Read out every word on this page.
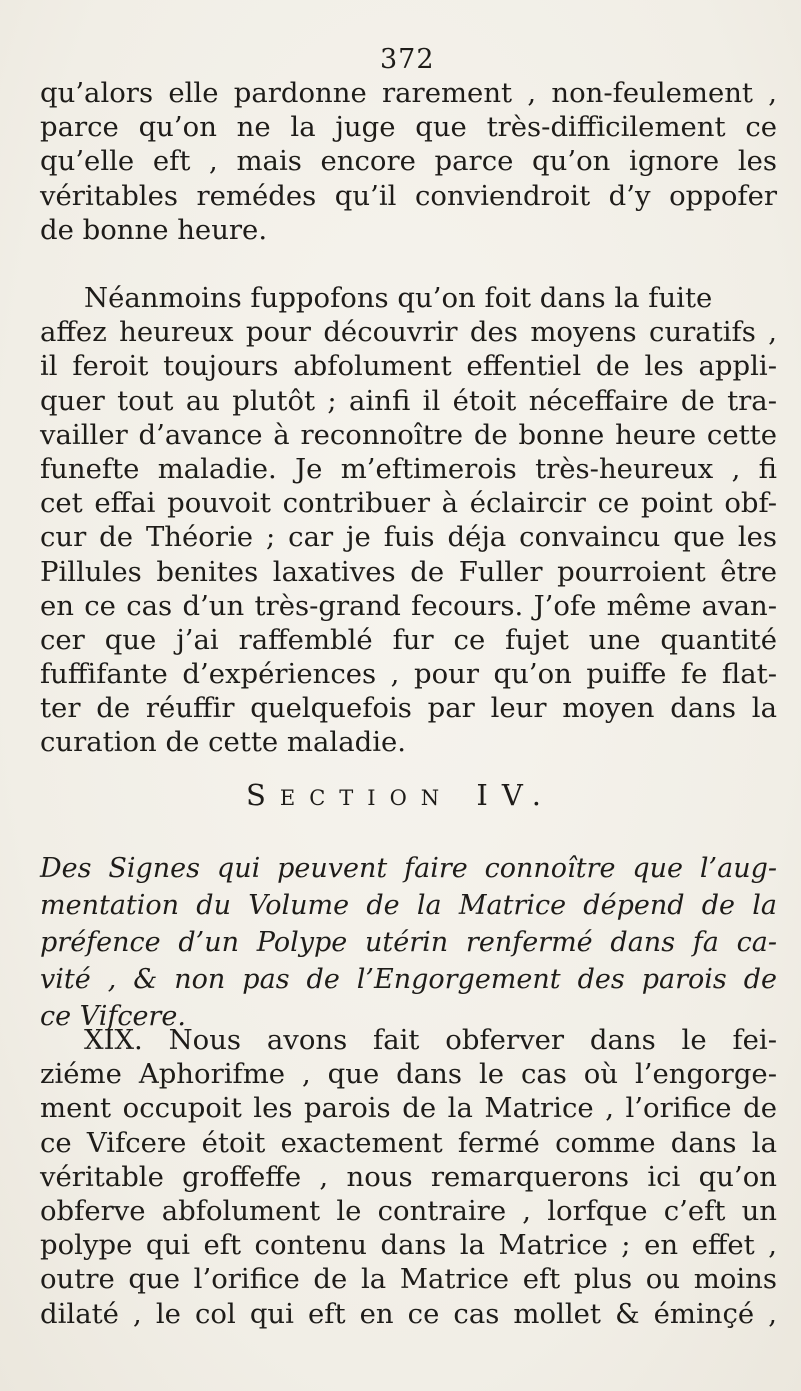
372
qu’alors elle pardonne rarement , non-feulement ,
parce qu’on ne la juge que très-difficilement ce
qu’elle eft , mais encore parce qu’on ignore les
véritables remédes qu’il conviendroit d’y oppofer
de bonne heure.
Néanmoins fuppofons qu’on foit dans la fuite
affez heureux pour découvrir des moyens curatifs ,
il feroit toujours abfolument effentiel de les appli-
quer tout au plutôt ; ainfi il étoit néceffaire de tra-
vailler d’avance à reconnoître de bonne heure cette
funefte maladie. Je m’eftimerois très-heureux , fi
cet effai pouvoit contribuer à éclaircir ce point obf-
cur de Théorie ; car je fuis déja convaincu que les
Pillules benites laxatives de Fuller pourroient être
en ce cas d’un très-grand fecours. J’ofe même avan-
cer que j’ai raffemblé fur ce fujet une quantité
fuffifante d’expériences , pour qu’on puiffe fe flat-
ter de réuffir quelquefois par leur moyen dans la
curation de cette maladie.
SECTION IV.
Des Signes qui peuvent faire connoître que l’aug-
mentation du Volume de la Matrice dépend de la
préfence d’un Polype utérin renfermé dans fa ca-
vité , & non pas de l’Engorgement des parois de
ce Vifcere.
XIX. Nous avons fait obferver dans le fei-
ziéme Aphorifme , que dans le cas où l’engorge-
ment occupoit les parois de la Matrice , l’orifice de
ce Vifcere étoit exactement fermé comme dans la
véritable groffeffe , nous remarquerons ici qu’on
obferve abfolument le contraire , lorfque c’eft un
polype qui eft contenu dans la Matrice ; en effet ,
outre que l’orifice de la Matrice eft plus ou moins
dilaté , le col qui eft en ce cas mollet & éminçé ,
